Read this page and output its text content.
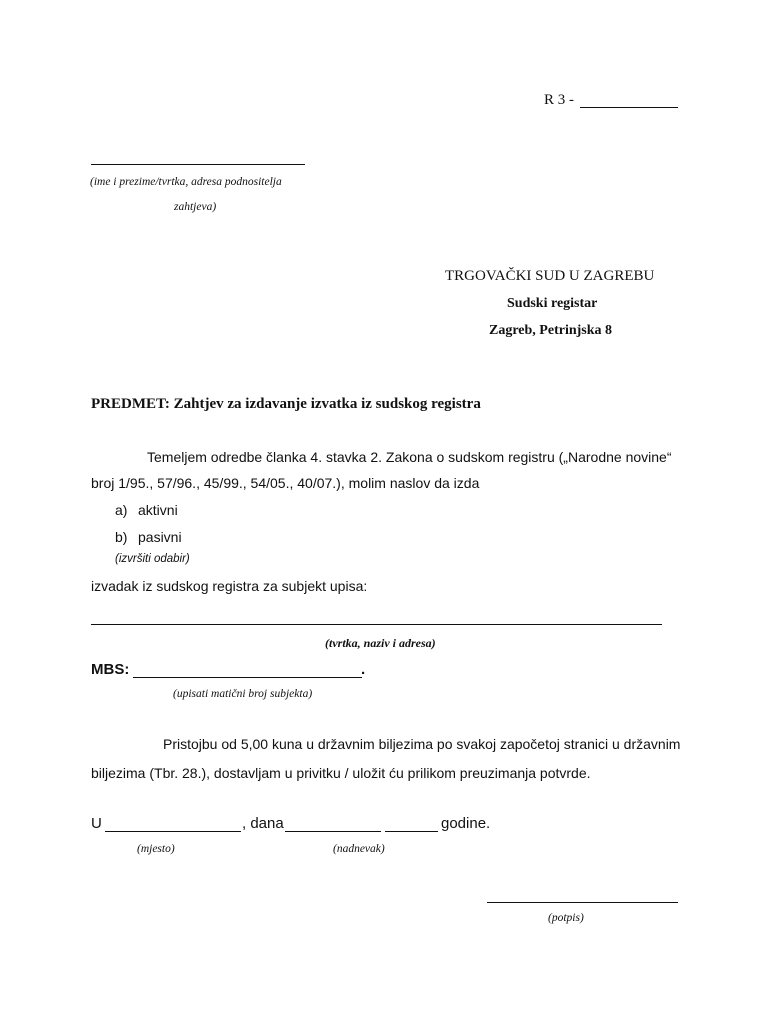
R 3 -
(ime i prezime/tvrtka, adresa podnositelja
zahtjeva)
TRGOVAČKI SUD U ZAGREBU
Sudski registar
Zagreb, Petrinjska 8
PREDMET: Zahtjev za izdavanje izvatka iz sudskog registra
Temeljem odredbe članka 4. stavka 2. Zakona o sudskom registru („Narodne novine“
broj 1/95., 57/96., 45/99., 54/05., 40/07.), molim naslov da izda
a) aktivni
b) pasivni
(izvršiti odabir)
izvadak iz sudskog registra za subjekt upisa:
(tvrtka, naziv i adresa)
MBS:	.
(upisati matični broj subjekta)
Pristojbu od 5,00 kuna u državnim biljezima po svakoj započetoj stranici u državnim
biljezima (Tbr. 28.), dostavljam u privitku / uložit ću prilikom preuzimanja potvrde.
U	, dana	godine.
(mjesto)	(nadnevak)
(potpis)
